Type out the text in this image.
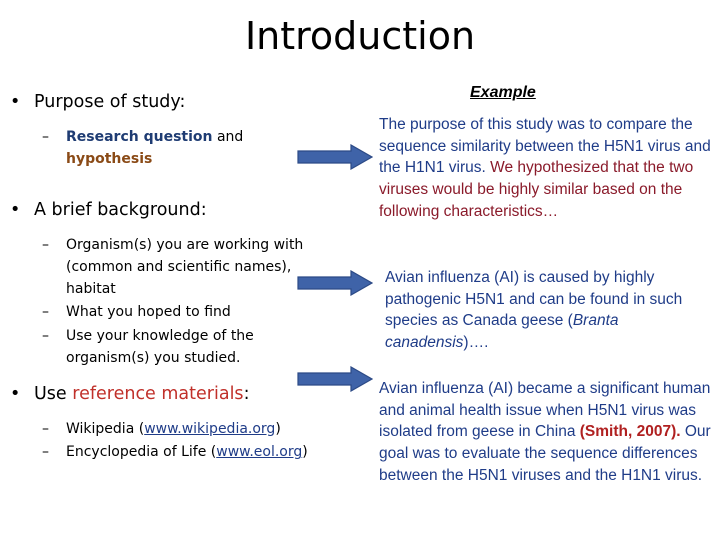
Introduction

• Purpose of study:

– Research question and
hypothesis

• A brief background:

– Organism(s) you are working with (common and scientific names), habitat

– What you hoped to find

– Use your knowledge of the organism(s) you studied.

• Use reference materials:

– Wikipedia (www.wikipedia.org)

– Encyclopedia of Life (www.eol.org)

Example
The purpose of this study was to compare the sequence similarity between the H5N1 virus and the H1N1 virus. We hypothesized that the two viruses would be highly similar based on the following characteristics…
Avian influenza (AI) is caused by highly pathogenic H5N1 and can be found in such species as Canada geese (Branta canadensis)….
Avian influenza (AI) became a significant human and animal health issue when H5N1 virus was isolated from geese in China (Smith, 2007). Our goal was to evaluate the sequence differences between the H5N1 viruses and the H1N1 virus.
